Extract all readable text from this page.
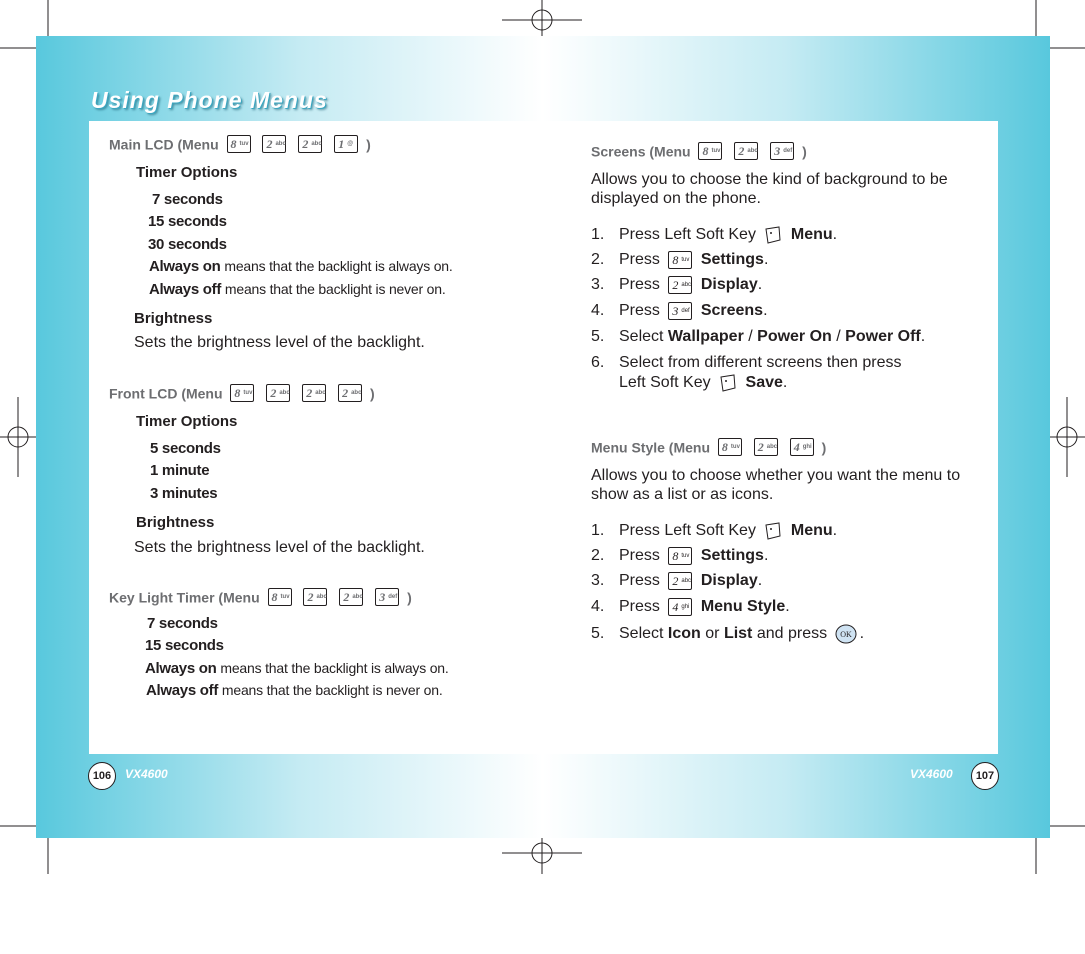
Using Phone Menus
Main LCD (Menu 8 tuv
2 abc
2 abc
1 @ )
Timer Options
7 seconds
15 seconds
30 seconds
Always on means that the backlight is always on.
Always off means that the backlight is never on.
Brightness
Sets the brightness level of the backlight.
Front LCD (Menu 8 tuv
2 abc
2 abc
2 abc )
Timer Options
5 seconds
1 minute
3 minutes
Brightness
Sets the brightness level of the backlight.
Key Light Timer (Menu 8 tuv
2 abc
2 abc
3 def )
7 seconds
15 seconds
Always on means that the backlight is always on.
Always off means that the backlight is never on.
Screens (Menu 8 tuv
2 abc
3 def )

Allows you to choose the kind of background to be displayed on the phone.

1. Press Left Soft Key Menu.
2. Press 8 tuv Settings.
3. Press 2 abc Display.
4. Press 3 def Screens.
5. Select Wallpaper / Power On / Power Off.
6. Select from different screens then press
Left Soft Key Save.
Menu Style (Menu 8 tuv
2 abc
4 ghi )

Allows you to choose whether you want the menu to show as a list or as icons.

1. Press Left Soft Key Menu.
2. Press 8 tuv Settings.
3. Press 2 abc Display.
4. Press 4 ghi Menu Style.
5. Select Icon or List and press OK .
106	VX4600	VX4600	107
